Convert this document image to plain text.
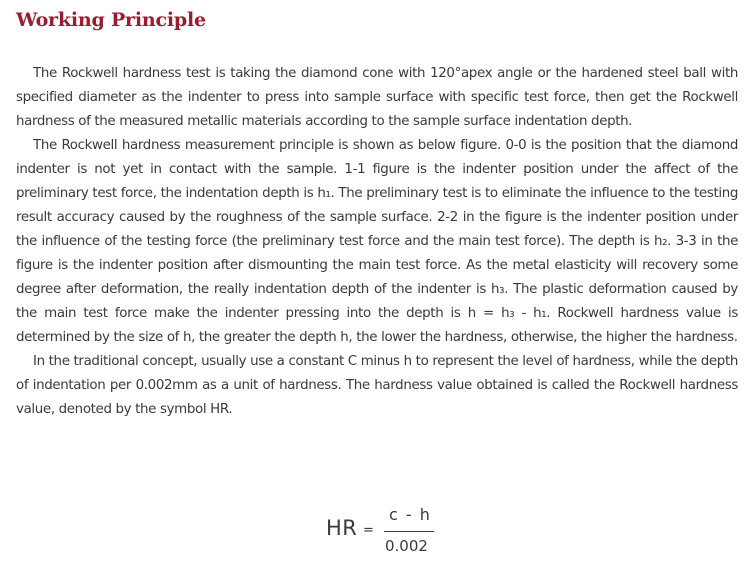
Working Principle

The Rockwell hardness test is taking the diamond cone with 120°apex angle or the hardened steel ball with specified diameter as the indenter to press into sample surface with specific test force, then get the Rockwell hardness of the measured metallic materials according to the sample surface indentation depth.

The Rockwell hardness measurement principle is shown as below figure. 0-0 is the position that the diamond indenter is not yet in contact with the sample. 1-1 figure is the indenter position under the affect of the preliminary test force, the indentation depth is h₁. The preliminary test is to eliminate the influence to the testing result accuracy caused by the roughness of the sample surface. 2-2 in the figure is the indenter position under the influence of the testing force (the preliminary test force and the main test force). The depth is h₂. 3-3 in the figure is the indenter position after dismounting the main test force. As the metal elasticity will recovery some degree after deformation, the really indentation depth of the indenter is h₃. The plastic deformation caused by the main test force make the indenter pressing into the depth is h = h₃ - h₁. Rockwell hardness value is determined by the size of h, the greater the depth h, the lower the hardness, otherwise, the higher the hardness.

In the traditional concept, usually use a constant C minus h to represent the level of hardness, while the depth of indentation per 0.002mm as a unit of hardness. The hardness value obtained is called the Rockwell hardness value, denoted by the symbol HR.

HR =
c - h
0.002
